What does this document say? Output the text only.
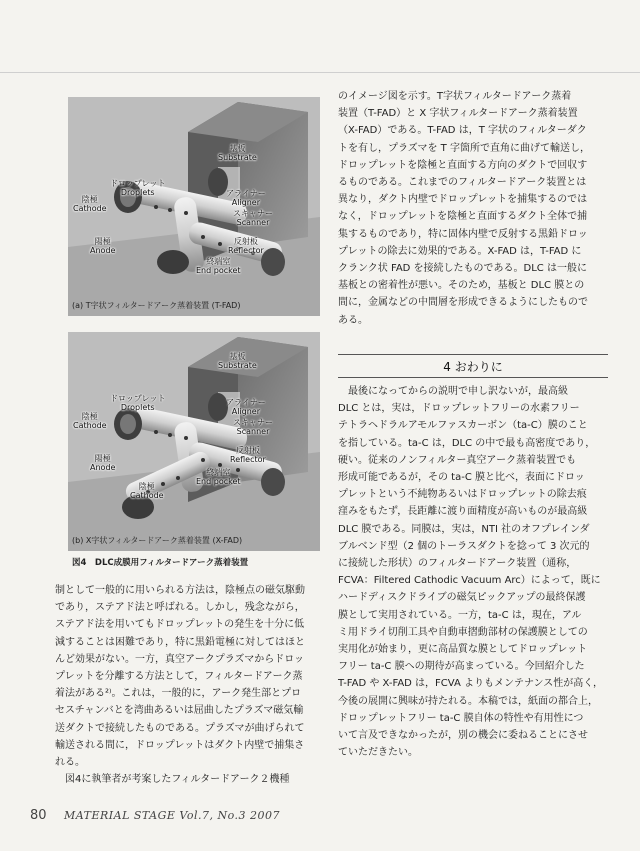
基板
Substrate
ドロップレット
Droplets
陰極
Cathode
アライナー
Aligner
スキャナー
Scanner
反射板
Reflector
陽極
Anode
終端室
End pocket
(a) T字状フィルタードアーク蒸着装置 (T-FAD)
基板
Substrate
ドロップレット
Droplets
陰極
Cathode
アライナー
Aligner
スキャナー
Scanner
反射板
Reflector
陽極
Anode
終端室
End pocket
陰極
Cathode
(b) X字状フィルタードアーク蒸着装置 (X-FAD)
図4　DLC成膜用フィルタードアーク蒸着装置
制として一般的に用いられる方法は，陰極点の磁気駆動
であり，ステアド法と呼ばれる。しかし，残念ながら，
ステアド法を用いてもドロップレットの発生を十分に低
減することは困難であり，特に黒鉛電極に対してはほと
んど効果がない。一方，真空アークプラズマからドロッ
プレットを分離する方法として，フィルタードアーク蒸
着法がある²⁾。これは，一般的に，アーク発生部とプロ
セスチャンバとを湾曲あるいは屈曲したプラズマ磁気輸
送ダクトで接続したものである。プラズマが曲げられて
輸送される間に，ドロップレットはダクト内壁で捕集さ
れる。
　図4に執筆者が考案したフィルタードアーク２機種
のイメージ図を示す。T字状フィルタードアーク蒸着
装置（T-FAD）と X 字状フィルタードアーク蒸着装置
（X-FAD）である。T-FAD は，T 字状のフィルターダク
トを有し，プラズマを T 字箇所で直角に曲げて輸送し，
ドロップレットを陰極と直面する方向のダクトで回収す
るものである。これまでのフィルタードアーク装置とは
異なり，ダクト内壁でドロップレットを捕集するのでは
なく，ドロップレットを陰極と直面するダクト全体で捕
集するものであり，特に固体内壁で反射する黒鉛ドロッ
プレットの除去に効果的である。X-FAD は，T-FAD に
クランク状 FAD を接続したものである。DLC は一般に
基板との密着性が悪い。そのため，基板と DLC 膜との
間に，金属などの中間層を形成できるようにしたもので
ある。
4 おわりに
　最後になってからの説明で申し訳ないが，最高級
DLC とは，実は，ドロップレットフリーの水素フリー
テトラヘドラルアモルファスカーボン（ta-C）膜のこと
を指している。ta-C は，DLC の中で最も高密度であり，
硬い。従来のノンフィルター真空アーク蒸着装置でも
形成可能であるが，その ta-C 膜と比べ，表面にドロッ
プレットという不純物あるいはドロップレットの除去痕
窪みをもたず，長距離に渡り面精度が高いものが最高級
DLC 膜である。同膜は，実は，NTI 社のオフプレインダ
ブルベンド型（2 個のトーラスダクトを捻って 3 次元的
に接続した形状）のフィルタードアーク装置（通称，
FCVA：Filtered Cathodic Vacuum Arc）によって，既に
ハードディスクドライブの磁気ピックアップの最終保護
膜として実用されている。一方，ta-C は，現在，アル
ミ用ドライ切削工具や自動車摺動部材の保護膜としての
実用化が始まり，更に高品質な膜としてドロップレット
フリー ta-C 膜への期待が高まっている。今回紹介した
T-FAD や X-FAD は，FCVA よりもメンテナンス性が高く，
今後の展開に興味が持たれる。本稿では，紙面の都合上，
ドロップレットフリー ta-C 膜自体の特性や有用性につ
いて言及できなかったが，別の機会に委ねることにさせ
ていただきたい。
80 MATERIAL STAGE Vol.7, No.3 2007
